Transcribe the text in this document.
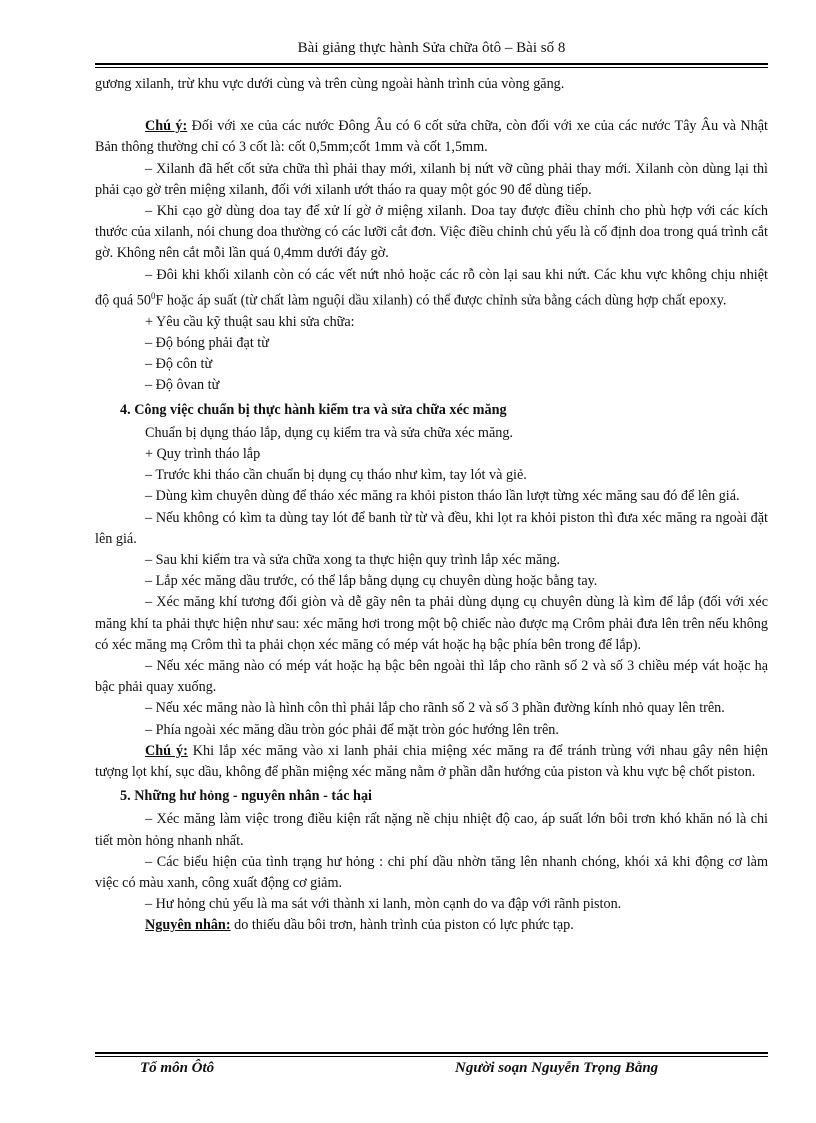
Bài giảng thực hành Sửa chữa ôtô – Bài số 8

gương xilanh, trừ khu vực dưới cùng và trên cùng ngoài hành trình của vòng găng.

Chú ý: Đối với xe của các nước Đông Âu có 6 cốt sửa chữa, còn đối với xe của các nước Tây Âu và Nhật Bản thông thường chỉ có 3 cốt là: cốt 0,5mm;cốt 1mm và cốt 1,5mm.

– Xilanh đã hết cốt sửa chữa thì phải thay mới, xilanh bị nứt vỡ cũng phải thay mới. Xilanh còn dùng lại thì phải cạo gờ trên miệng xilanh, đối với xilanh ướt tháo ra quay một góc 90 để dùng tiếp.

– Khi cạo gờ dùng doa tay để xử lí gờ ở miệng xilanh. Doa tay được điều chỉnh cho phù hợp với các kích thước của xilanh, nói chung doa thường có các lưỡi cắt đơn. Việc điều chỉnh chủ yếu là cố định doa trong quá trình cắt gờ. Không nên cắt mỗi lần quá 0,4mm dưới đáy gờ.

– Đôi khi khối xilanh còn có các vết nứt nhỏ hoặc các rỗ còn lại sau khi nứt. Các khu vực không chịu nhiệt độ quá $50^0F$ hoặc áp suất (từ chất làm nguội dầu xilanh) có thể được chỉnh sửa bằng cách dùng hợp chất epoxy.

+ Yêu cầu kỹ thuật sau khi sửa chữa:

– Độ bóng phải đạt từ

– Độ côn từ

– Độ ôvan từ

4. Công việc chuẩn bị thực hành kiểm tra và sửa chữa xéc măng

Chuẩn bị dụng tháo lắp, dụng cụ kiểm tra và sửa chữa xéc măng.

+ Quy trình tháo lắp

– Trước khi tháo cần chuẩn bị dụng cụ tháo như kìm, tay lót và giẻ.

– Dùng kìm chuyên dùng để tháo xéc măng ra khỏi piston tháo lần lượt từng xéc măng sau đó để lên giá.

– Nếu không có kìm ta dùng tay lót để banh từ từ và đều, khi lọt ra khỏi piston thì đưa xéc măng ra ngoài đặt lên giá.

– Sau khi kiểm tra và sửa chữa xong ta thực hiện quy trình lắp xéc măng.

– Lắp xéc măng dầu trước, có thể lắp bằng dụng cụ chuyên dùng hoặc bằng tay.

– Xéc măng khí tương đối giòn và dễ gãy nên ta phải dùng dụng cụ chuyên dùng là kìm để lắp (đối với xéc măng khí ta phải thực hiện như sau: xéc măng hơi trong một bộ chiếc nào được mạ Crôm phải đưa lên trên nếu không có xéc măng mạ Crôm thì ta phải chọn xéc măng có mép vát hoặc hạ bậc phía bên trong để lắp).

– Nếu xéc măng nào có mép vát hoặc hạ bậc bên ngoài thì lắp cho rãnh số 2 và số 3 chiều mép vát hoặc hạ bậc phải quay xuống.

– Nếu xéc măng nào là hình côn thì phải lắp cho rãnh số 2 và số 3 phần đường kính nhỏ quay lên trên.

– Phía ngoài xéc măng dầu tròn góc phải để mặt tròn góc hướng lên trên.

Chú ý: Khi lắp xéc măng vào xi lanh phải chia miệng xéc măng ra để tránh trùng với nhau gây nên hiện tượng lọt khí, sục dầu, không để phần miệng xéc măng nằm ở phần dẫn hướng của piston và khu vực bệ chốt piston.

5. Những hư hỏng - nguyên nhân - tác hại

– Xéc măng làm việc trong điều kiện rất nặng nề chịu nhiệt độ cao, áp suất lớn bôi trơn khó khăn nó là chi tiết mòn hỏng nhanh nhất.

– Các biểu hiện của tình trạng hư hỏng : chi phí dầu nhờn tăng lên nhanh chóng, khói xả khi động cơ làm việc có màu xanh, công xuất động cơ giảm.

– Hư hỏng chủ yếu là ma sát với thành xi lanh, mòn cạnh do va đập với rãnh piston.

Nguyên nhân: do thiếu dầu bôi trơn, hành trình của piston có lực phức tạp.

Tổ môn Ôtô	Người soạn Nguyễn Trọng Bằng
